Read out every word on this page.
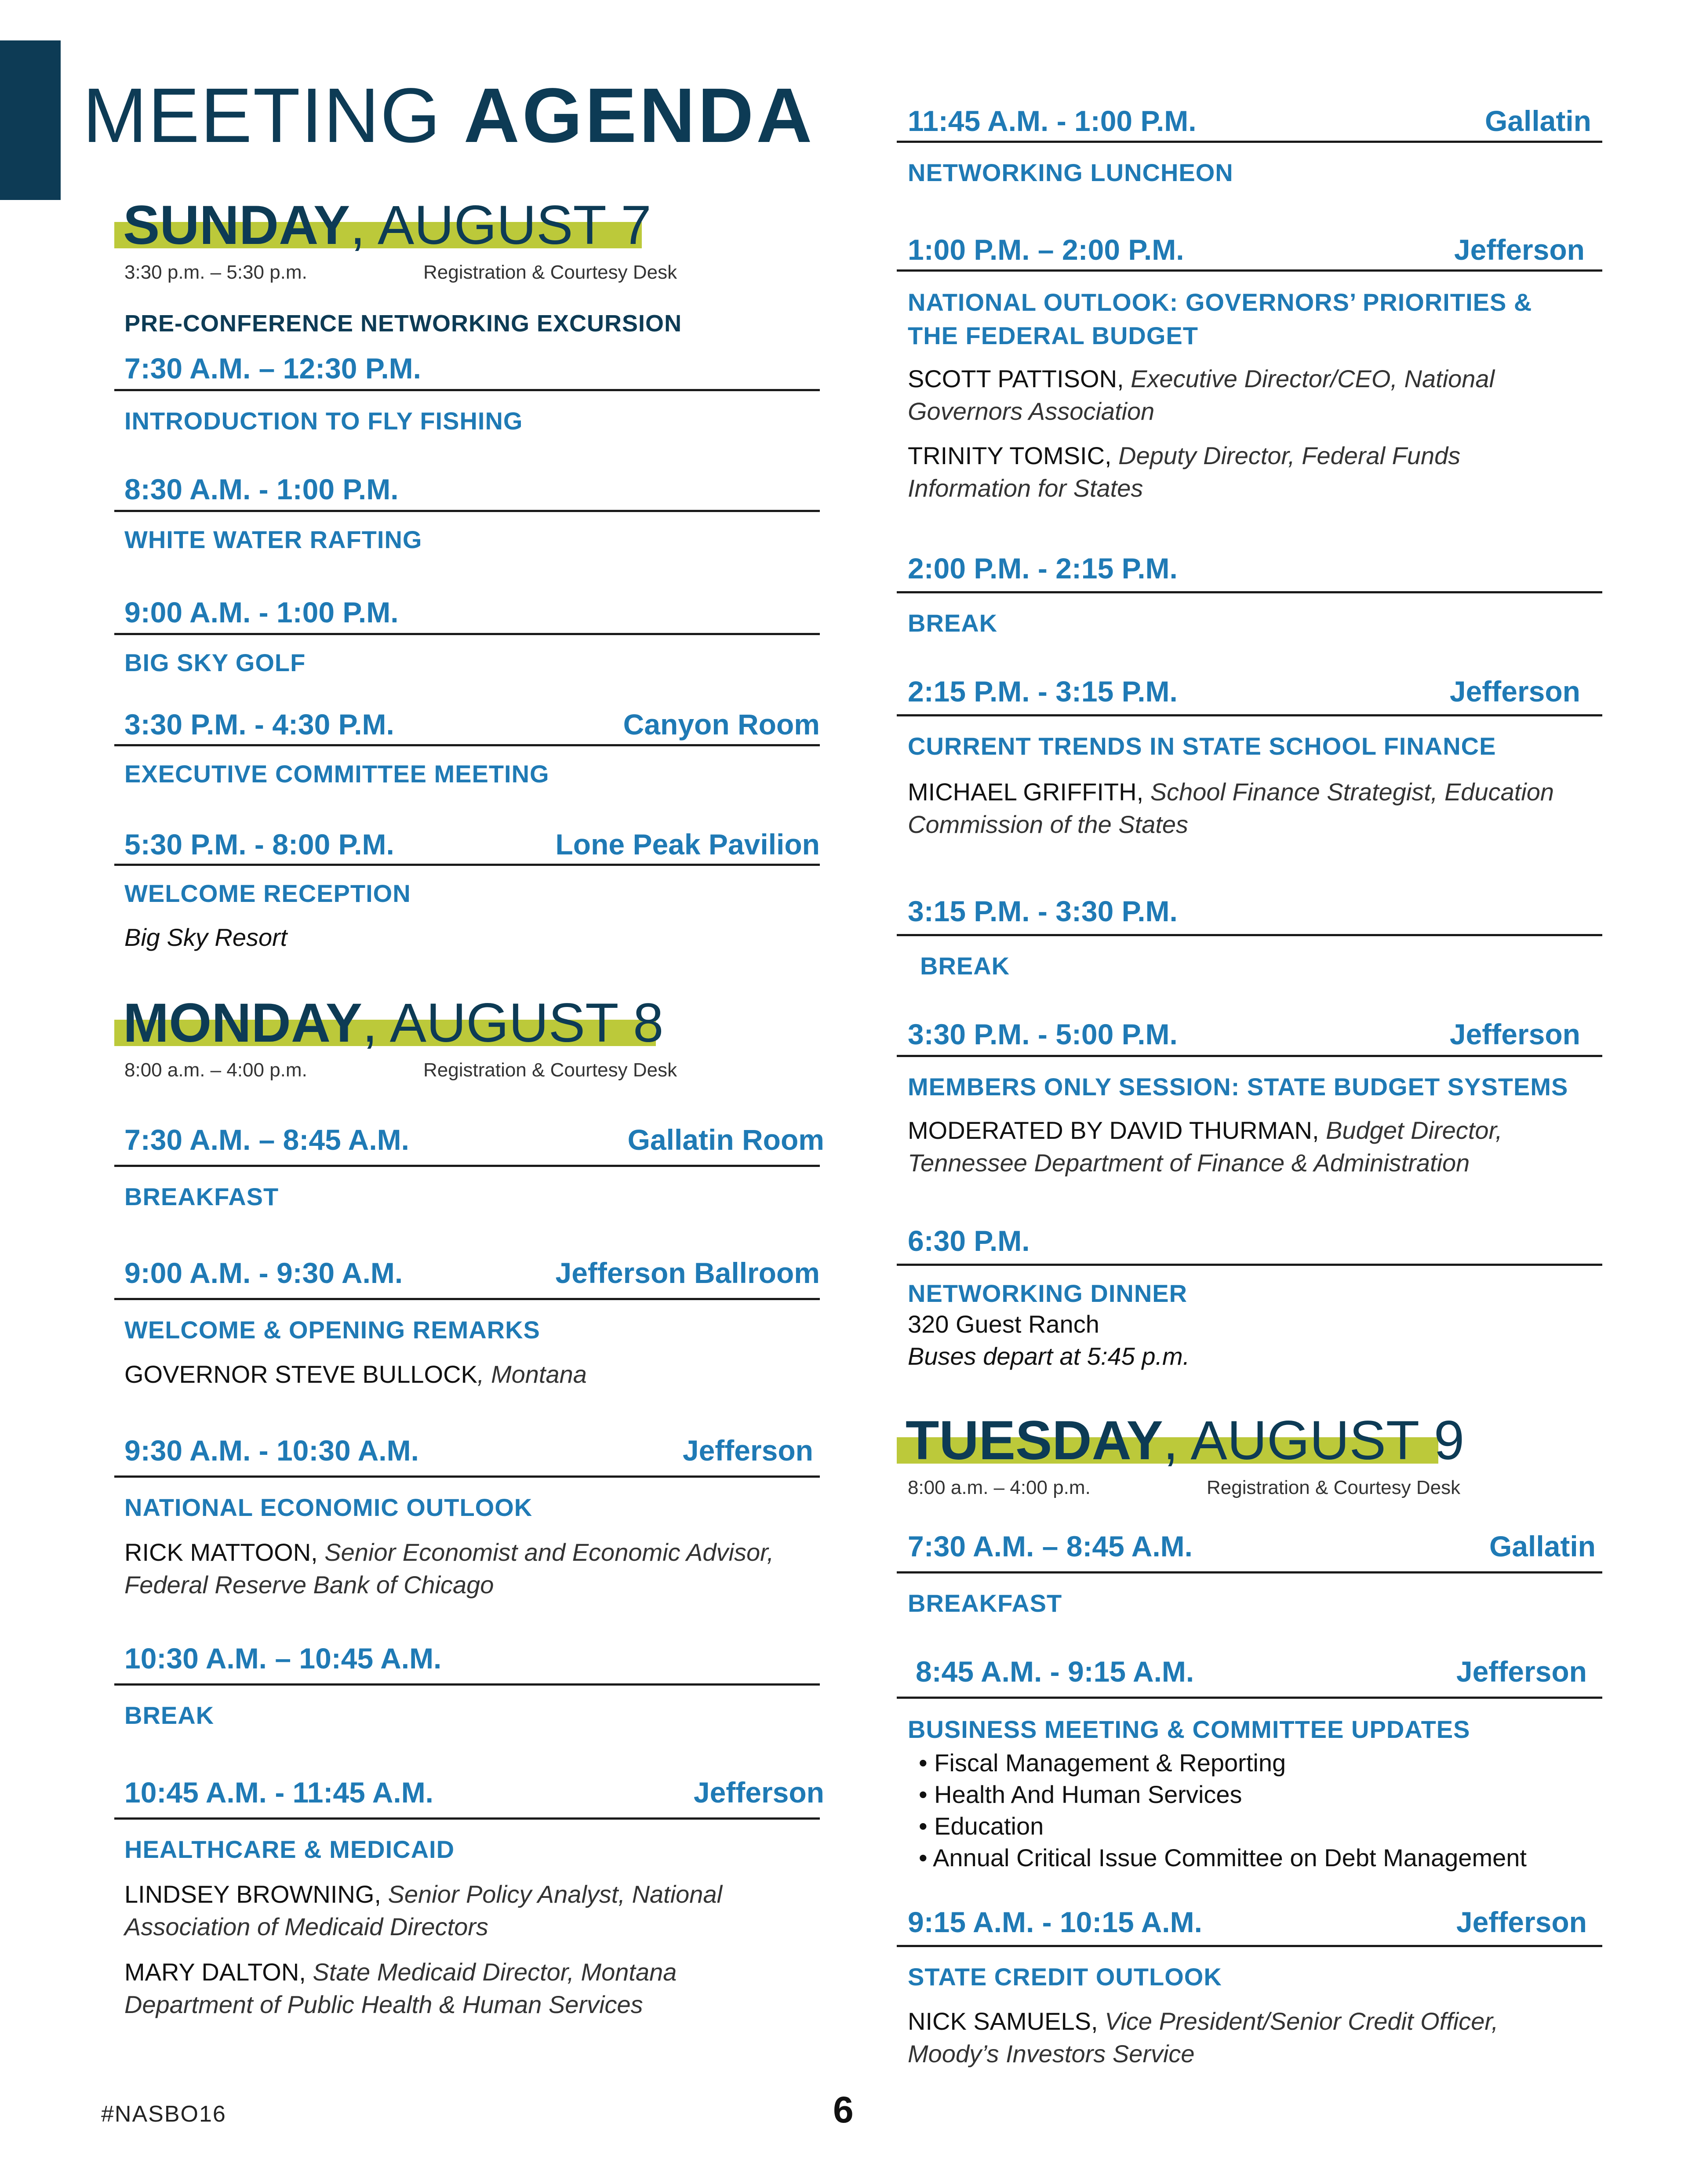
MEETING AGENDA
SUNDAY, AUGUST 7
3:30 p.m. – 5:30 p.m.	Registration & Courtesy Desk
PRE-CONFERENCE NETWORKING EXCURSION
7:30 A.M. – 12:30 P.M.
INTRODUCTION TO FLY FISHING
8:30 A.M. - 1:00 P.M.
WHITE WATER RAFTING
9:00 A.M. - 1:00 P.M.
BIG SKY GOLF
3:30 P.M. - 4:30 P.M.	Canyon Room
EXECUTIVE COMMITTEE MEETING
5:30 P.M. - 8:00 P.M.	Lone Peak Pavilion
WELCOME RECEPTION
Big Sky Resort
MONDAY, AUGUST 8
8:00 a.m. – 4:00 p.m.	Registration & Courtesy Desk
7:30 A.M. – 8:45 A.M.	Gallatin Room
BREAKFAST
9:00 A.M. - 9:30 A.M.	Jefferson Ballroom
WELCOME & OPENING REMARKS
GOVERNOR STEVE BULLOCK, Montana
9:30 A.M. - 10:30 A.M.	Jefferson
NATIONAL ECONOMIC OUTLOOK
RICK MATTOON, Senior Economist and Economic Advisor, Federal Reserve Bank of Chicago
10:30 A.M. – 10:45 A.M.
BREAK
10:45 A.M. - 11:45 A.M.	Jefferson
HEALTHCARE & MEDICAID
LINDSEY BROWNING, Senior Policy Analyst, National Association of Medicaid Directors
MARY DALTON, State Medicaid Director, Montana Department of Public Health & Human Services
11:45 A.M. - 1:00 P.M.	Gallatin
NETWORKING LUNCHEON
1:00 P.M. – 2:00 P.M.	Jefferson
NATIONAL OUTLOOK: GOVERNORS’ PRIORITIES & THE FEDERAL BUDGET
SCOTT PATTISON, Executive Director/CEO, National Governors Association
TRINITY TOMSIC, Deputy Director, Federal Funds Information for States
2:00 P.M. - 2:15 P.M.
BREAK
2:15 P.M. - 3:15 P.M.	Jefferson
CURRENT TRENDS IN STATE SCHOOL FINANCE
MICHAEL GRIFFITH, School Finance Strategist, Education Commission of the States
3:15 P.M. - 3:30 P.M.
BREAK
3:30 P.M. - 5:00 P.M.	Jefferson
MEMBERS ONLY SESSION: STATE BUDGET SYSTEMS
MODERATED BY DAVID THURMAN, Budget Director, Tennessee Department of Finance & Administration
6:30 P.M.
NETWORKING DINNER
320 Guest Ranch
Buses depart at 5:45 p.m.
TUESDAY, AUGUST 9
8:00 a.m. – 4:00 p.m.	Registration & Courtesy Desk
7:30 A.M. – 8:45 A.M.	Gallatin
BREAKFAST
8:45 A.M. - 9:15 A.M.	Jefferson
BUSINESS MEETING & COMMITTEE UPDATES
• Fiscal Management & Reporting
• Health And Human Services
• Education
• Annual Critical Issue Committee on Debt Management
9:15 A.M. - 10:15 A.M.	Jefferson
STATE CREDIT OUTLOOK
NICK SAMUELS, Vice President/Senior Credit Officer, Moody’s Investors Service
#NASBO16	6
